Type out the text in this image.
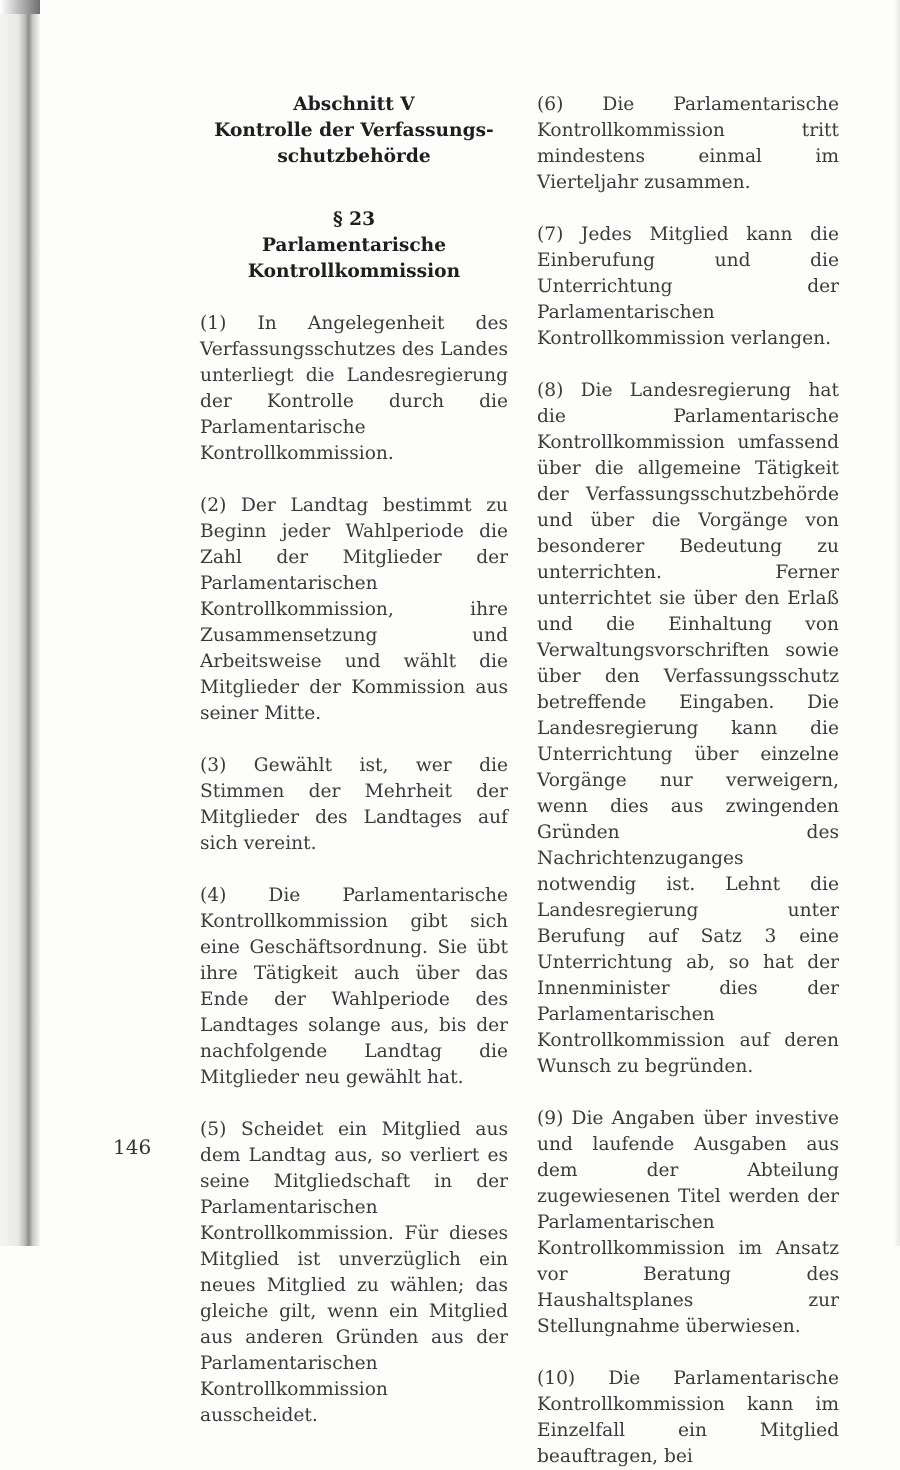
Abschnitt V
Kontrolle der Verfassungs-
schutzbehörde
§ 23
Parlamentarische
Kontrollkommission

(1) In Angelegenheit des Verfassungsschutzes des Landes unterliegt die Landesregierung der Kontrolle durch die Parlamentarische Kontrollkommission.

(2) Der Landtag bestimmt zu Beginn jeder Wahlperiode die Zahl der Mitglieder der Parlamentarischen Kontrollkommission, ihre Zusammensetzung und Arbeitsweise und wählt die Mitglieder der Kommission aus seiner Mitte.

(3) Gewählt ist, wer die Stimmen der Mehrheit der Mitglieder des Landtages auf sich vereint.

(4) Die Parlamentarische Kontrollkommission gibt sich eine Geschäftsordnung. Sie übt ihre Tätigkeit auch über das Ende der Wahlperiode des Landtages solange aus, bis der nachfolgende Landtag die Mitglieder neu gewählt hat.

(5) Scheidet ein Mitglied aus dem Landtag aus, so verliert es seine Mitgliedschaft in der Parlamentarischen Kontrollkommission. Für dieses Mitglied ist unverzüglich ein neues Mitglied zu wählen; das gleiche gilt, wenn ein Mitglied aus anderen Gründen aus der Parlamentarischen Kontrollkommission ausscheidet.

(6) Die Parlamentarische Kontrollkommission tritt mindestens einmal im Vierteljahr zusammen.

(7) Jedes Mitglied kann die Einberufung und die Unterrichtung der Parlamentarischen Kontrollkommission verlangen.

(8) Die Landesregierung hat die Parlamentarische Kontrollkommission umfassend über die allgemeine Tätigkeit der Verfassungsschutzbehörde und über die Vorgänge von besonderer Bedeutung zu unterrichten. Ferner unterrichtet sie über den Erlaß und die Einhaltung von Verwaltungsvorschriften sowie über den Verfassungsschutz betreffende Eingaben. Die Landesregierung kann die Unterrichtung über einzelne Vorgänge nur verweigern, wenn dies aus zwingenden Gründen des Nachrichtenzuganges notwendig ist. Lehnt die Landesregierung unter Berufung auf Satz 3 eine Unterrichtung ab, so hat der Innenminister dies der Parlamentarischen Kontrollkommission auf deren Wunsch zu begründen.

(9) Die Angaben über investive und laufende Ausgaben aus dem der Abteilung zugewiesenen Titel werden der Parlamentarischen Kontrollkommission im Ansatz vor Beratung des Haushaltsplanes zur Stellungnahme überwiesen.

(10) Die Parlamentarische Kontrollkommission kann im Einzelfall ein Mitglied beauftragen, bei

146
